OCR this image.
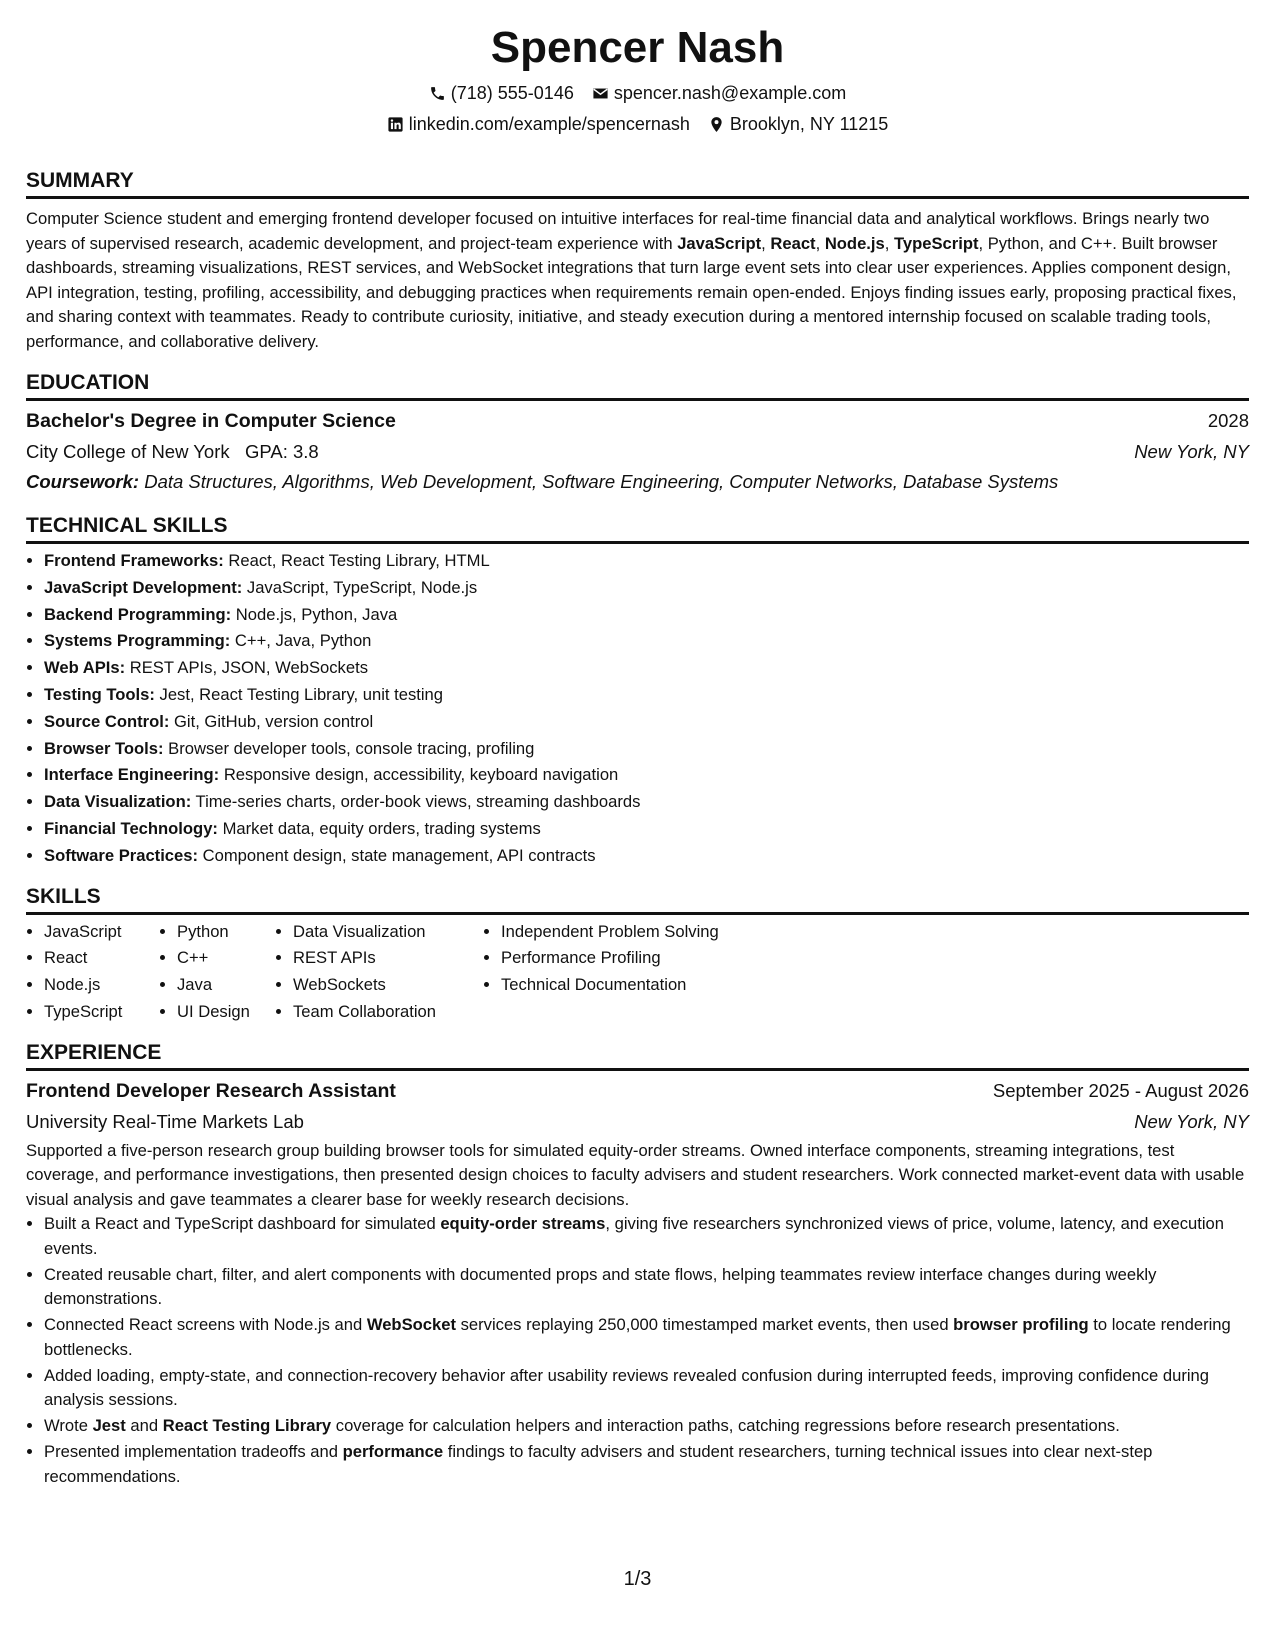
Spencer Nash
(718) 555-0146 spencer.nash@example.com
linkedin.com/example/spencernash Brooklyn, NY 11215
SUMMARY

Computer Science student and emerging frontend developer focused on intuitive interfaces for real-time financial data and analytical workflows. Brings nearly two years of supervised research, academic development, and project-team experience with JavaScript, React, Node.js, TypeScript, Python, and C++. Built browser dashboards, streaming visualizations, REST services, and WebSocket integrations that turn large event sets into clear user experiences. Applies component design, API integration, testing, profiling, accessibility, and debugging practices when requirements remain open-ended. Enjoys finding issues early, proposing practical fixes, and sharing context with teammates. Ready to contribute curiosity, initiative, and steady execution during a mentored internship focused on scalable trading tools, performance, and collaborative delivery.

EDUCATION
Bachelor's Degree in Computer Science	2028
City College of New York GPA: 3.8	New York, NY
Coursework: Data Structures, Algorithms, Web Development, Software Engineering, Computer Networks, Database Systems
TECHNICAL SKILLS
• Frontend Frameworks: React, React Testing Library, HTML
• JavaScript Development: JavaScript, TypeScript, Node.js
• Backend Programming: Node.js, Python, Java
• Systems Programming: C++, Java, Python
• Web APIs: REST APIs, JSON, WebSockets
• Testing Tools: Jest, React Testing Library, unit testing
• Source Control: Git, GitHub, version control
• Browser Tools: Browser developer tools, console tracing, profiling
• Interface Engineering: Responsive design, accessibility, keyboard navigation
• Data Visualization: Time-series charts, order-book views, streaming dashboards
• Financial Technology: Market data, equity orders, trading systems
• Software Practices: Component design, state management, API contracts
SKILLS
• JavaScript
• React
• Node.js
• TypeScript
• Python
• C++
• Java
• UI Design
• Data Visualization
• REST APIs
• WebSockets
• Team Collaboration
• Independent Problem Solving
• Performance Profiling
• Technical Documentation
EXPERIENCE
Frontend Developer Research Assistant	September 2025 - August 2026
University Real-Time Markets Lab	New York, NY

Supported a five-person research group building browser tools for simulated equity-order streams. Owned interface components, streaming integrations, test coverage, and performance investigations, then presented design choices to faculty advisers and student researchers. Work connected market-event data with usable visual analysis and gave teammates a clearer base for weekly research decisions.

• Built a React and TypeScript dashboard for simulated equity-order streams, giving five researchers synchronized views of price, volume, latency, and execution events.
• Created reusable chart, filter, and alert components with documented props and state flows, helping teammates review interface changes during weekly demonstrations.
• Connected React screens with Node.js and WebSocket services replaying 250,000 timestamped market events, then used browser profiling to locate rendering bottlenecks.
• Added loading, empty-state, and connection-recovery behavior after usability reviews revealed confusion during interrupted feeds, improving confidence during analysis sessions.
• Wrote Jest and React Testing Library coverage for calculation helpers and interaction paths, catching regressions before research presentations.
• Presented implementation tradeoffs and performance findings to faculty advisers and student researchers, turning technical issues into clear next-step recommendations.
1/3
